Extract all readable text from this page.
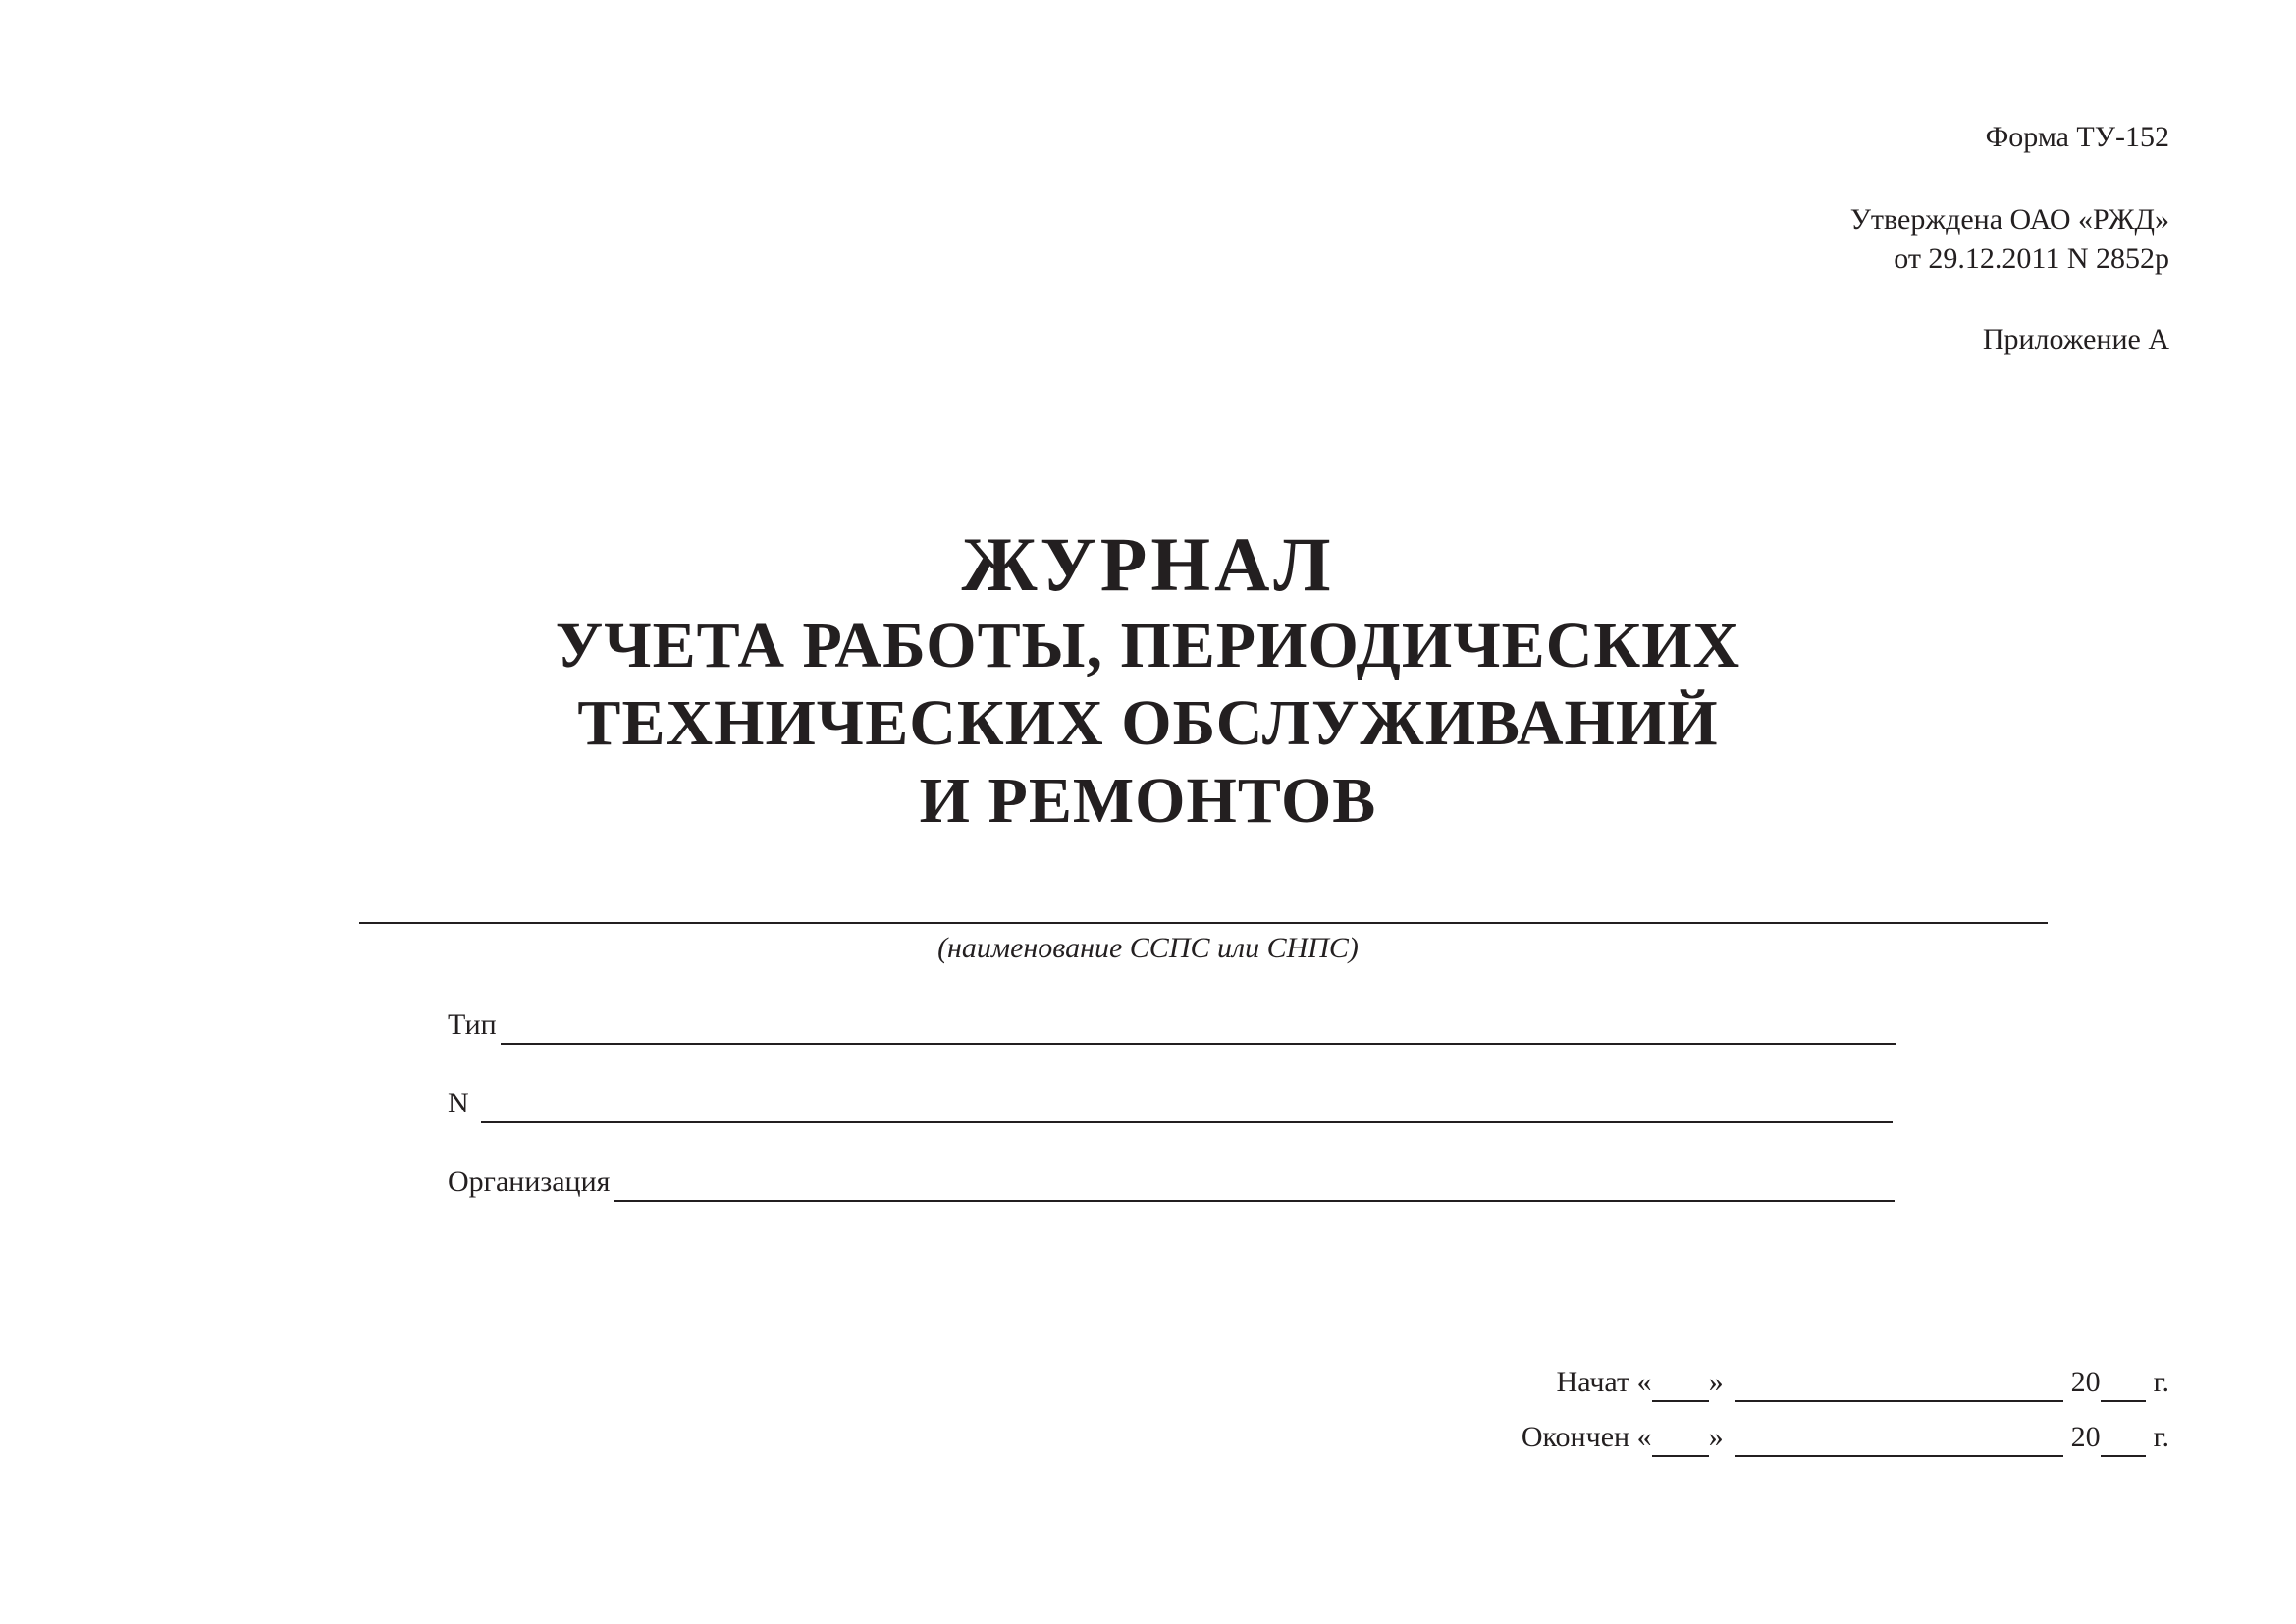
Форма ТУ-152
Утверждена ОАО «РЖД»
от 29.12.2011 N 2852р
Приложение А
ЖУРНАЛ
УЧЕТА РАБОТЫ, ПЕРИОДИЧЕСКИХ
ТЕХНИЧЕСКИХ ОБСЛУЖИВАНИЙ
И РЕМОНТОВ
(наименование ССПС или СНПС)
Тип
N
Организация
Начат « »	20 г.
Окончен « »	20 г.
